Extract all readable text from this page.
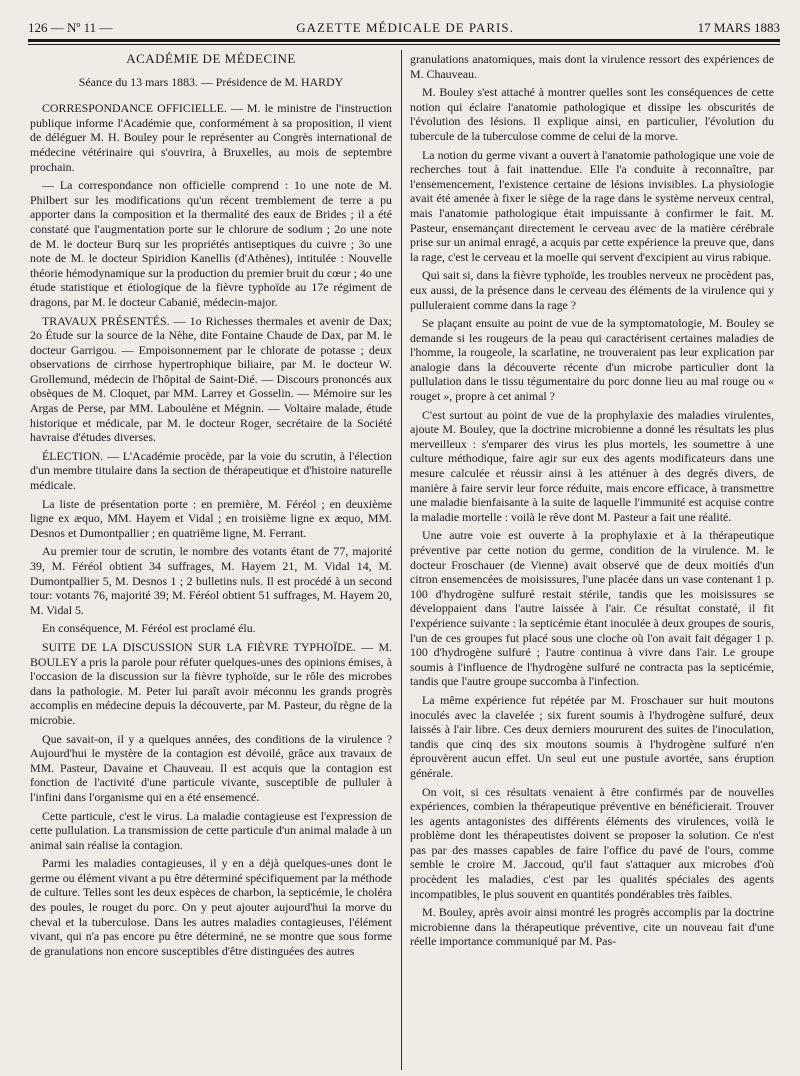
126 — Nº 11 —	GAZETTE MÉDICALE DE PARIS.	17 MARS 1883

ACADÉMIE DE MÉDECINE

Séance du 13 mars 1883. — Présidence de M. HARDY

CORRESPONDANCE OFFICIELLE. — M. le ministre de l'instruction publique informe l'Académie que, conformément à sa proposition, il vient de déléguer M. H. Bouley pour le représenter au Congrès international de médecine vétérinaire qui s'ouvrira, à Bruxelles, au mois de septembre prochain.

— La correspondance non officielle comprend : 1o une note de M. Philbert sur les modifications qu'un récent tremblement de terre a pu apporter dans la composition et la thermalité des eaux de Brides ; il a été constaté que l'augmentation porte sur le chlorure de sodium ; 2o une note de M. le docteur Burq sur les propriétés antiseptiques du cuivre ; 3o une note de M. le docteur Spiridion Kanellis (d'Athènes), intitulée : Nouvelle théorie hémodynamique sur la production du premier bruit du cœur ; 4o une étude statistique et étiologique de la fièvre typhoïde au 17e régiment de dragons, par M. le docteur Cabanié, médecin-major.

TRAVAUX PRÉSENTÉS. — 1o Richesses thermales et avenir de Dax; 2o Étude sur la source de la Nèhe, dite Fontaine Chaude de Dax, par M. le docteur Garrigou. — Empoisonnement par le chlorate de potasse ; deux observations de cirrhose hypertrophique biliaire, par M. le docteur W. Grollemund, médecin de l'hôpital de Saint-Dié. — Discours prononcés aux obsèques de M. Cloquet, par MM. Larrey et Gosselin. — Mémoire sur les Argas de Perse, par MM. Laboulène et Mégnin. — Voltaire malade, étude historique et médicale, par M. le docteur Roger, secrétaire de la Société havraise d'études diverses.

ÉLECTION. — L'Académie procède, par la voie du scrutin, à l'élection d'un membre titulaire dans la section de thérapeutique et d'histoire naturelle médicale.

La liste de présentation porte : en première, M. Féréol ; en deuxième ligne ex æquo, MM. Hayem et Vidal ; en troisième ligne ex æquo, MM. Desnos et Dumontpallier ; en quatrième ligne, M. Ferrant.

Au premier tour de scrutin, le nombre des votants étant de 77, majorité 39, M. Féréol obtient 34 suffrages, M. Hayem 21, M. Vidal 14, M. Dumontpallier 5, M. Desnos 1 ; 2 bulletins nuls. Il est procédé à un second tour: votants 76, majorité 39; M. Féréol obtient 51 suffrages, M. Hayem 20, M. Vidal 5.

En conséquence, M. Féréol est proclamé élu.

SUITE DE LA DISCUSSION SUR LA FIÈVRE TYPHOÏDE. — M. BOULEY a pris la parole pour réfuter quelques-unes des opinions émises, à l'occasion de la discussion sur la fièvre typhoïde, sur le rôle des microbes dans la pathologie. M. Peter lui paraît avoir méconnu les grands progrès accomplis en médecine depuis la découverte, par M. Pasteur, du règne de la microbie.

Que savait-on, il y a quelques années, des conditions de la virulence ? Aujourd'hui le mystère de la contagion est dévoilé, grâce aux travaux de MM. Pasteur, Davaine et Chauveau. Il est acquis que la contagion est fonction de l'activité d'une particule vivante, susceptible de pulluler à l'infini dans l'organisme qui en a été ensemencé.

Cette particule, c'est le virus. La maladie contagieuse est l'expression de cette pullulation. La transmission de cette particule d'un animal malade à un animal sain réalise la contagion.

Parmi les maladies contagieuses, il y en a déjà quelques-unes dont le germe ou élément vivant a pu être déterminé spécifiquement par la méthode de culture. Telles sont les deux espèces de charbon, la septicémie, le choléra des poules, le rouget du porc. On y peut ajouter aujourd'hui la morve du cheval et la tuberculose. Dans les autres maladies contagieuses, l'élément vivant, qui n'a pas encore pu être déterminé, ne se montre que sous forme de granulations non encore susceptibles d'être distinguées des autres

granulations anatomiques, mais dont la virulence ressort des expériences de M. Chauveau.

M. Bouley s'est attaché à montrer quelles sont les conséquences de cette notion qui éclaire l'anatomie pathologique et dissipe les obscurités de l'évolution des lésions. Il explique ainsi, en particulier, l'évolution du tubercule de la tuberculose comme de celui de la morve.

La notion du germe vivant a ouvert à l'anatomie pathologique une voie de recherches tout à fait inattendue. Elle l'a conduite à reconnaître, par l'ensemencement, l'existence certaine de lésions invisibles. La physiologie avait été amenée à fixer le siège de la rage dans le système nerveux central, mais l'anatomie pathologique était impuissante à confirmer le fait. M. Pasteur, ensemançant directement le cerveau avec de la matière cérébrale prise sur un animal enragé, a acquis par cette expérience la preuve que, dans la rage, c'est le cerveau et la moelle qui servent d'excipient au virus rabique.

Qui sait si, dans la fièvre typhoïde, les troubles nerveux ne procèdent pas, eux aussi, de la présence dans le cerveau des éléments de la virulence qui y pulluleraient comme dans la rage ?

Se plaçant ensuite au point de vue de la symptomatologie, M. Bouley se demande si les rougeurs de la peau qui caractérisent certaines maladies de l'homme, la rougeole, la scarlatine, ne trouveraient pas leur explication par analogie dans la découverte récente d'un microbe particulier dont la pullulation dans le tissu tégumentaire du porc donne lieu au mal rouge ou « rouget », propre à cet animal ?

C'est surtout au point de vue de la prophylaxie des maladies virulentes, ajoute M. Bouley, que la doctrine microbienne a donné les résultats les plus merveilleux : s'emparer des virus les plus mortels, les soumettre à une culture méthodique, faire agir sur eux des agents modificateurs dans une mesure calculée et réussir ainsi à les atténuer à des degrés divers, de manière à faire servir leur force réduite, mais encore efficace, à transmettre une maladie bienfaisante à la suite de laquelle l'immunité est acquise contre la maladie mortelle : voilà le rêve dont M. Pasteur a fait une réalité.

Une autre voie est ouverte à la prophylaxie et à la thérapeutique préventive par cette notion du germe, condition de la virulence. M. le docteur Froschauer (de Vienne) avait observé que de deux moitiés d'un citron ensemencées de moisissures, l'une placée dans un vase contenant 1 p. 100 d'hydrogène sulfuré restait stérile, tandis que les moisissures se développaient dans l'autre laissée à l'air. Ce résultat constaté, il fit l'expérience suivante : la septicémie étant inoculée à deux groupes de souris, l'un de ces groupes fut placé sous une cloche où l'on avait fait dégager 1 p. 100 d'hydrogène sulfuré ; l'autre continua à vivre dans l'air. Le groupe soumis à l'influence de l'hydrogène sulfuré ne contracta pas la septicémie, tandis que l'autre groupe succomba à l'infection.

La même expérience fut répétée par M. Froschauer sur huit moutons inoculés avec la clavelée ; six furent soumis à l'hydrogène sulfuré, deux laissés à l'air libre. Ces deux derniers moururent des suites de l'inoculation, tandis que cinq des six moutons soumis à l'hydrogène sulfuré n'en éprouvèrent aucun effet. Un seul eut une pustule avortée, sans éruption générale.

On voit, si ces résultats venaient à être confirmés par de nouvelles expériences, combien la thérapeutique préventive en bénéficierait. Trouver les agents antagonistes des différents éléments des virulences, voilà le problème dont les thérapeutistes doivent se proposer la solution. Ce n'est pas par des masses capables de faire l'office du pavé de l'ours, comme semble le croire M. Jaccoud, qu'il faut s'attaquer aux microbes d'où procèdent les maladies, c'est par les qualités spéciales des agents incompatibles, le plus souvent en quantités pondérables très faibles.

M. Bouley, après avoir ainsi montré les progrès accomplis par la doctrine microbienne dans la thérapeutique préventive, cite un nouveau fait d'une réelle importance communiqué par M. Pas-
